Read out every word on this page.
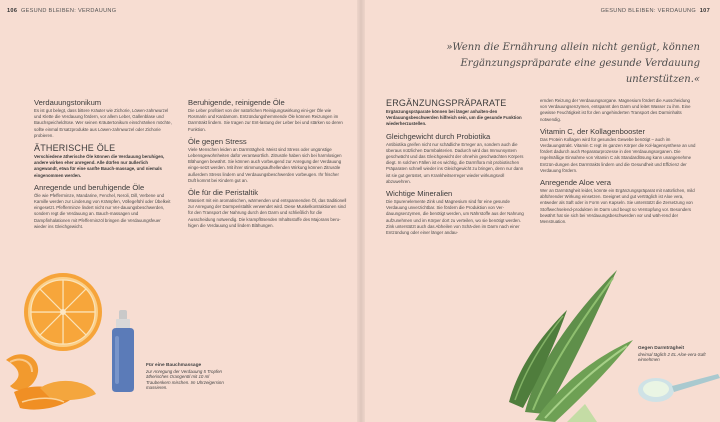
106 GESUND BLEIBEN: VERDAUUNG	GESUND BLEIBEN: VERDAUUNG 107
»Wenn die Ernährung allein nicht genügt, können Ergänzungspräparate eine gesunde Verdauung unterstützen.«
Verdauungstonikum

Es ist gut belegt, dass bittere Kräuter wie Zichorie, Löwen-zahnwurzel und Klette die Verdauung fördern, vor allem Leber, Gallenblase und Bauchspeicheldrüse. Wer seinen Kräutertonikum einschränken möchte, sollte einmal Ersatzprodukte aus Löwen-zahnwurzel oder Zichorie probieren.

ÄTHERISCHE ÖLE

Verschiedene ätherische Öle können die Verdauung beruhigen, andere wirken eher anregend. Alle dürfen nur äußerlich angewandt, etwa für eine sanfte Bauch-massage, und niemals eingenommen werden.

Anregende und beruhigende Öle

Öle wie Pfefferminze, Mandarine, Fenchel, Neroli, Dill, Verbene und Kamille werden zur Linderung von Krämpfen, Völlegefühl oder Übelkeit eingesetzt. Pfefferminze lindert nicht nur Ver-dauungsbeschwerden, sondern regt die Verdauung an. Bauch-massagen und Dampfinhalationen mit Pfefferminzöl bringen die Verdauungsfeuer wieder ins Gleichgewicht.

Beruhigende, reinigende Öle

Die Leber profitiert von der natürlichen Reinigungswirkung eini-ger Öle wie Rosmarin und Kardamom. Entzündungshemmende Öle können Reizungen im Darmtrakt lindern. Sie tragen zur Ent-lastung der Leber bei und stärken so deren Funktion.

Öle gegen Stress

Viele Menschen leiden an Darmträgheit. Meist sind Stress oder ungünstige Lebensgewohnheiten dafür verantwortlich. Zitrusöle haben sich bei harmlosigen Blähungen bewährt. Sie können auch vorbeugend zur Anregung der Verdauung einge-setzt werden. Mit ihrer stimmungsaufhellenden Wirkung können Zitrusöle außerdem Stress lindern und Verdauungsbeschwerden vorbeugen. Ihr frischer Duft kommt bei Kindern gut an.

Öle für die Peristaltik

Massiert mit ein aromatischen, wärmenden und entspannenden Öl, das traditionell zur Anregung der Darmperistaltik verwendet wird. Diese Muskelkontraktionen sind für den Transport der Nahrung durch den Darm und schließlich für die Ausscheidung notwendig. Die krampflösenden Inhaltsstoffe des Majorans beru-higen die Verdauung und lindern Blähungen.

ERGÄNZUNGSPRÄPARATE

Ergänzungspräparate können bei länger anhalten-den Verdauungsbeschwerden hilfreich sein, um die gesunde Funktion wiederherzustellen.

Gleichgewicht durch Probiotika

Antibiotika greifen nicht nur schädliche Erreger an, sondern auch die überaus nützlichen Darmbakterien. Dadurch wird das Immunsystem geschwächt und das Gleichgewicht der ohnehin geschwächten Körpers diegt. In solchen Fällen ist es wichtig, die Darmflora mit probiotischen Präparaten schnell wieder ins Gleichgewicht zu bringen, denn nur dann ist sie gut gerüstet, um Krankheitserreger wieder wirkungsvoll abzuwehren.

Wichtige Mineralien

Die Spurenelemente Zink und Magnesium sind für eine gesunde Verdauung unverzichtbar. Sie fördern die Produktion von Ver-dauungsenzymen, die benötigt werden, um Nährstoffe aus der Nahrung aufzunehmen und im Körper dort zu verteilen, wo sie benötigt werden. Zink unterstützt auch das Abheilen von Schä-den im Darm nach einer Entzündung oder einer länger andau-

ernden Reizung der Verdauungsorgane. Magnesium fördert die Ausscheidung von Verdauungsenzymen, entspannt den Darm und leitet Wasser zu ihm. Eine gewisse Feuchtigkeit ist für den ungehinderten Transport des Darminhalts notwendig.

Vitamin C, der Kollagenbooster

Das Protein Kollagen wird für gesundes Gewebe benötigt – auch im Verdauungstrakt. Vitamin C regt im ganzen Körper die Kol-lagensynthese an und fördert dadurch auch Reparaturprozesse in den Verdauungsorganen. Die regelmäßige Einnahme von Vitamin C als Standardlösung kann unangenehme Entzün-dungen des Darmtrakts lindern und die Gesundheit und Effizienz der Verdauung fördern.

Anregende Aloe vera

Wer an Darmträgheit leidet, könnte ein Ergänzungspräparat mit natürlichen, mild abführender Wirkung einsetzen. Geeignet und gut verträglich ist Aloe vera, entweder als Saft oder in Form von Kapseln. Sie unterstützt die Zersetzung von Stoffwechselend-produkten im Darm und beugt so Verstopfung vor. Besonders bewährt hat sie sich bei Verdauungsbeschwerden vor und wäh-rend der Menstruation.

Für eine Bauchmassage
zur Anregung der Verdauung 5 Tropfen ätherisches Orangenöl mit 10 ml Traubenkern mischen. Im Uhrzeigersinn massieren.
Gegen Darmträgheit
dreimal täglich 2 EL Aloe-vera-Saft einnehmen
